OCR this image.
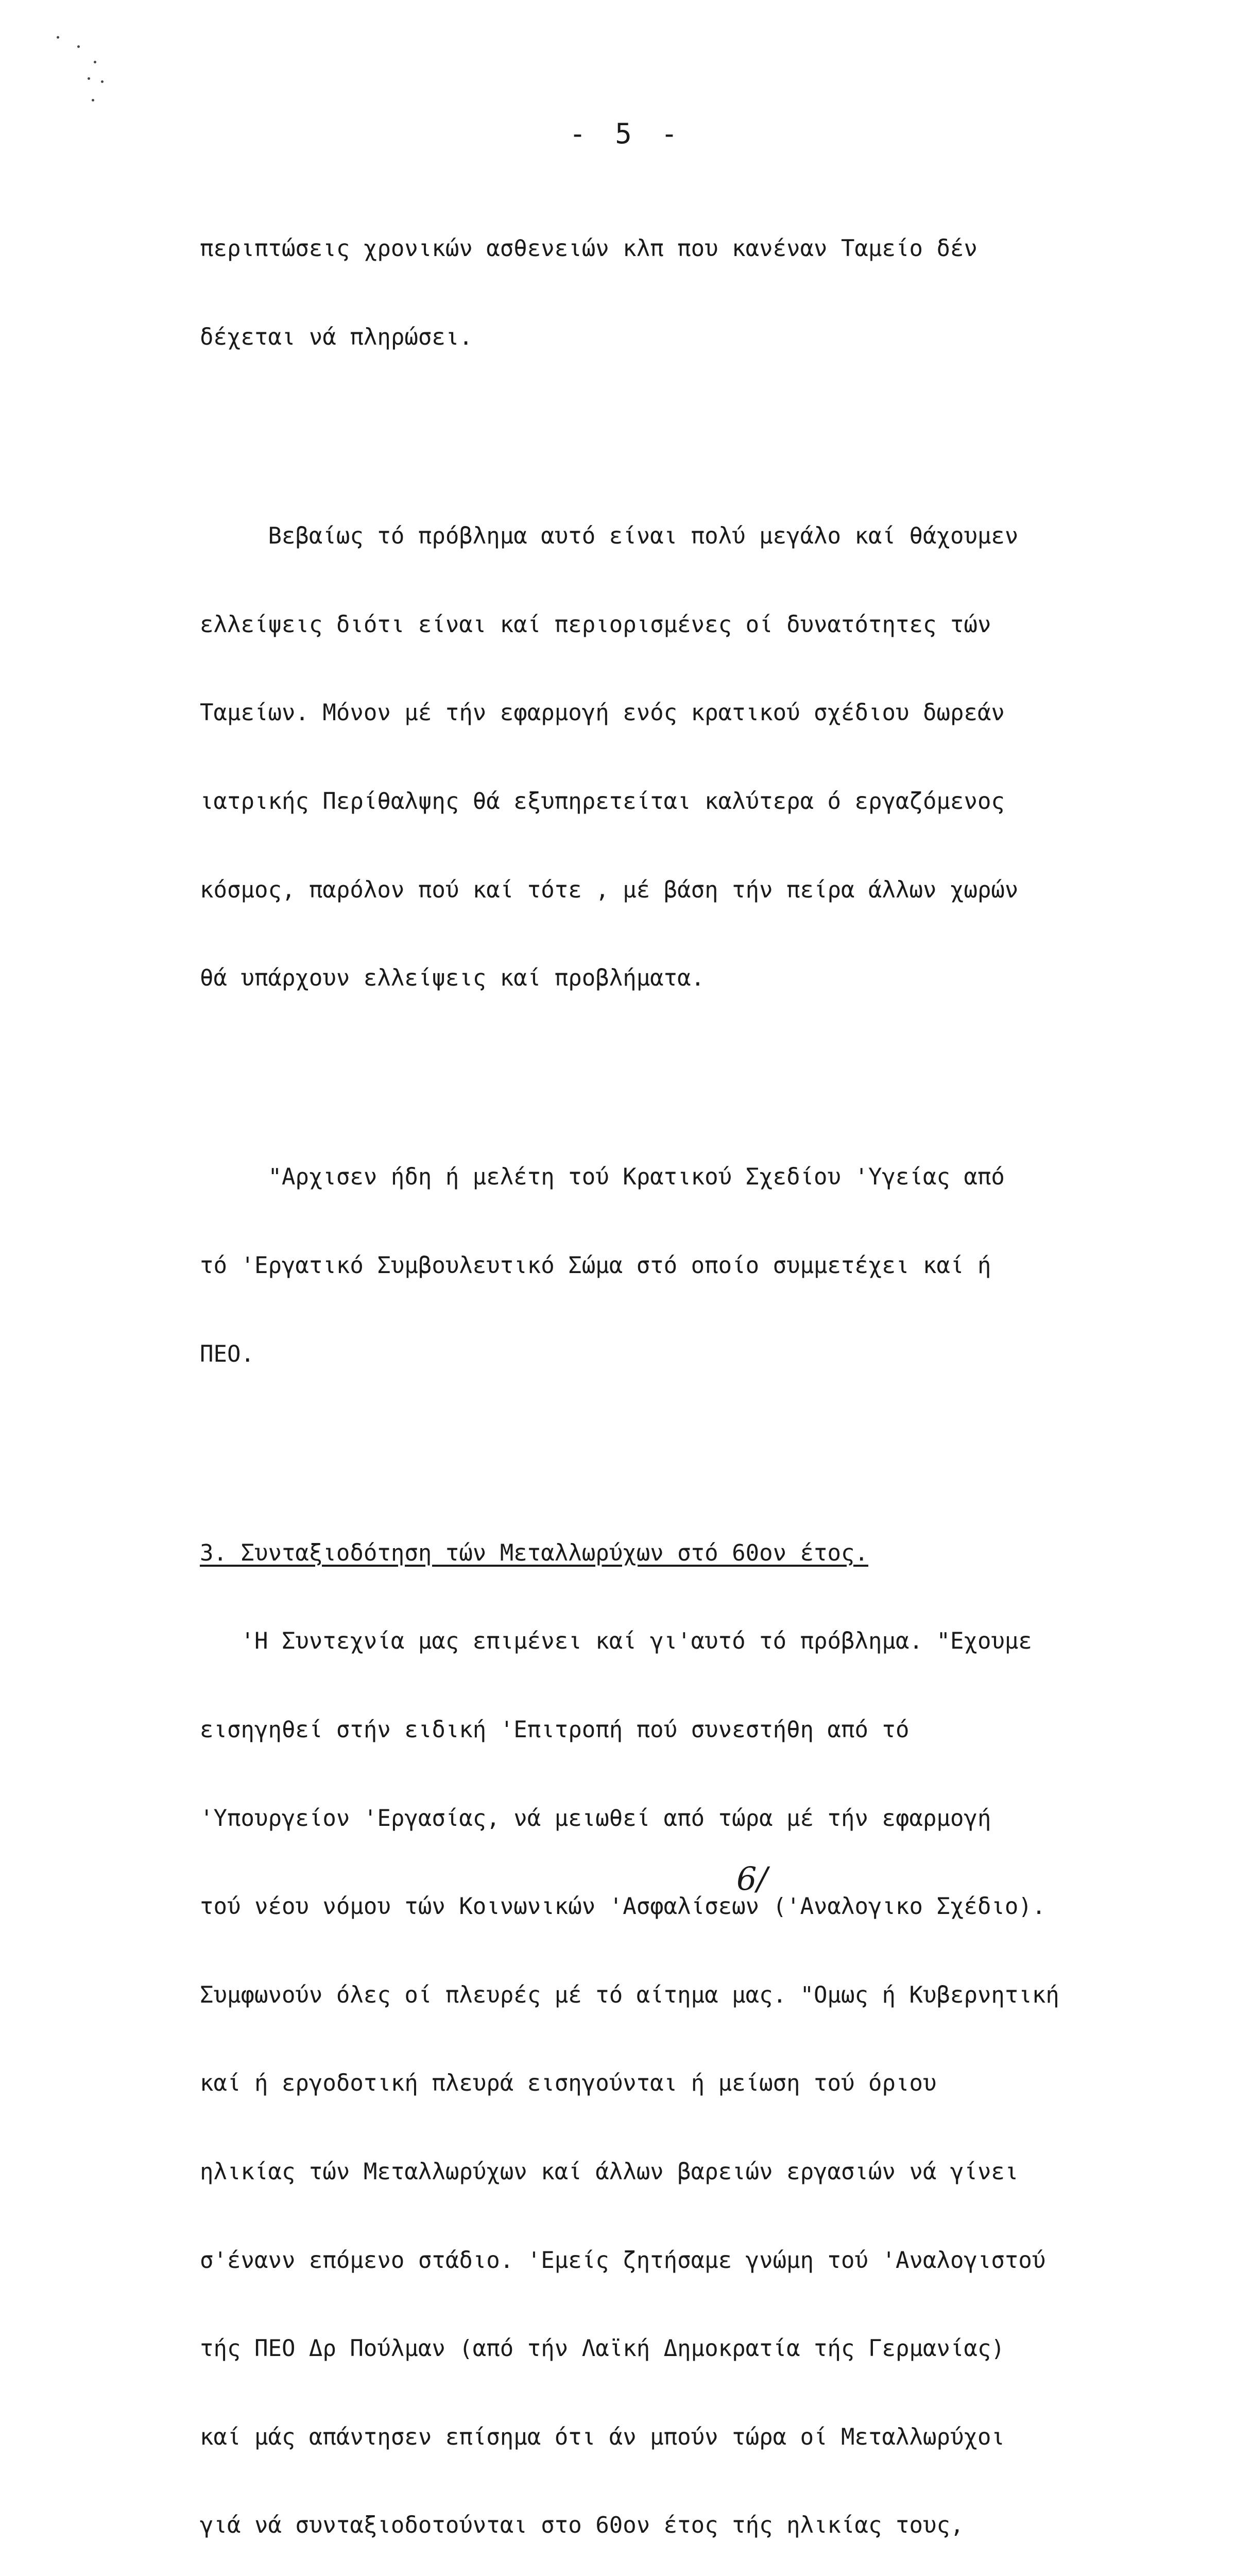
- 5 -

περιπτώσεις χρονικών ασθενειών κλπ που κανέναν Ταμείο δέν

δέχεται νά πληρώσει.

Βεβαίως τό πρόβλημα αυτό είναι πολύ μεγάλο καί θάχουμεν

ελλείψεις διότι είναι καί περιορισμένες οί δυνατότητες τών

Ταμείων. Μόνον μέ τήν εφαρμογή ενός κρατικού σχέδιου δωρεάν

ιατρικής Περίθαλψης θά εξυπηρετείται καλύτερα ό εργαζόμενος

κόσμος, παρόλον πού καί τότε , μέ βάση τήν πείρα άλλων χωρών

θά υπάρχουν ελλείψεις καί προβλήματα.

"Αρχισεν ήδη ή μελέτη τού Κρατικού Σχεδίου 'Υγείας από

τό 'Εργατικό Συμβουλευτικό Σώμα στό οποίο συμμετέχει καί ή

ΠΕΟ.

3. Συνταξιοδότηση τών Μεταλλωρύχων στό 60ον έτος.

'Η Συντεχνία μας επιμένει καί γι'αυτό τό πρόβλημα. "Εχουμε

εισηγηθεί στήν ειδική 'Επιτροπή πού συνεστήθη από τό

'Υπουργείον 'Εργασίας, νά μειωθεί από τώρα μέ τήν εφαρμογή

τού νέου νόμου τών Κοινωνικών 'Ασφαλίσεων ('Αναλογικο Σχέδιο).

Συμφωνούν όλες οί πλευρές μέ τό αίτημα μας. "Ομως ή Κυβερνητική

καί ή εργοδοτική πλευρά εισηγούνται ή μείωση τού όριου

ηλικίας τών Μεταλλωρύχων καί άλλων βαρειών εργασιών νά γίνει

σ'ένανν επόμενο στάδιο. 'Εμείς ζητήσαμε γνώμη τού 'Αναλογιστού

τής ΠΕΟ Δρ Πούλμαν (από τήν Λαϊκή Δημοκρατία τής Γερμανίας)

καί μάς απάντησεν επίσημα ότι άν μπούν τώρα οί Μεταλλωρύχοι

γιά νά συνταξιοδοτούνται στο 60ον έτος τής ηλικίας τους,

6/
